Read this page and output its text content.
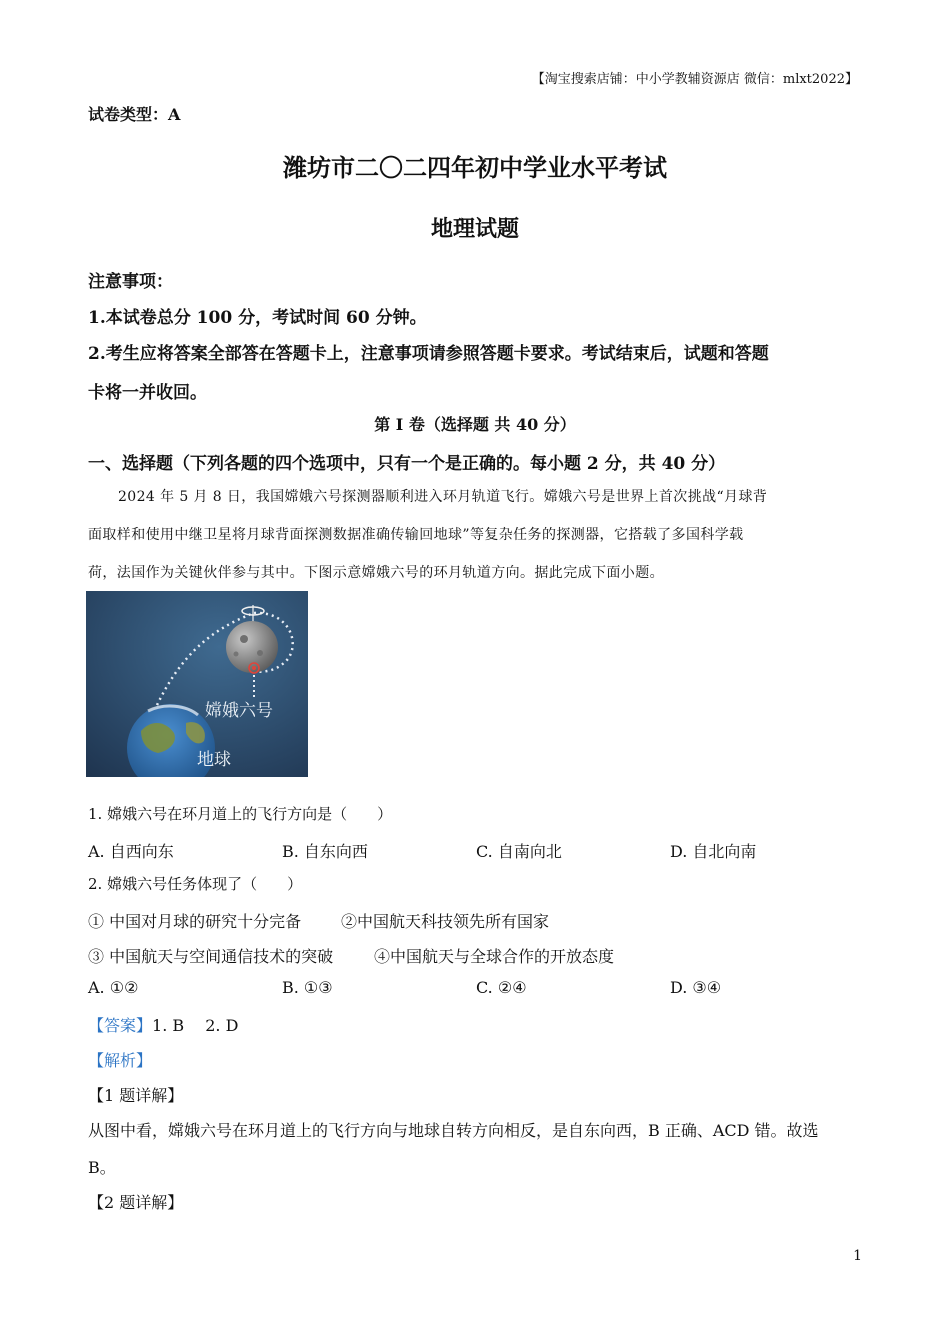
【淘宝搜索店铺：中小学教辅资源店 微信：mlxt2022】
试卷类型：A
潍坊市二〇二四年初中学业水平考试
地理试题
注意事项：
1.本试卷总分 100 分，考试时间 60 分钟。
2.考生应将答案全部答在答题卡上，注意事项请参照答题卡要求。考试结束后，试题和答题
卡将一并收回。
第 I 卷（选择题 共 40 分）
一、选择题（下列各题的四个选项中，只有一个是正确的。每小题 2 分，共 40 分）
2024 年 5 月 8 日，我国嫦娥六号探测器顺利进入环月轨道飞行。嫦娥六号是世界上首次挑战“月球背
面取样和使用中继卫星将月球背面探测数据准确传输回地球”等复杂任务的探测器，它搭载了多国科学载
荷，法国作为关键伙伴参与其中。下图示意嫦娥六号的环月轨道方向。据此完成下面小题。
嫦娥六号
地球
1. 嫦娥六号在环月道上的飞行方向是（　　）
A. 自西向东	B. 自东向西	C. 自南向北	D. 自北向南
2. 嫦娥六号任务体现了（　　）
① 中国对月球的研究十分完备 ②中国航天科技领先所有国家
③ 中国航天与空间通信技术的突破	④中国航天与全球合作的开放态度
A. ①②	B. ①③	C. ②④	D. ③④
【答案】1. B　 2. D
【解析】
【1 题详解】
从图中看，嫦娥六号在环月道上的飞行方向与地球自转方向相反，是自东向西，B 正确、ACD 错。故选
B。
【2 题详解】
1
